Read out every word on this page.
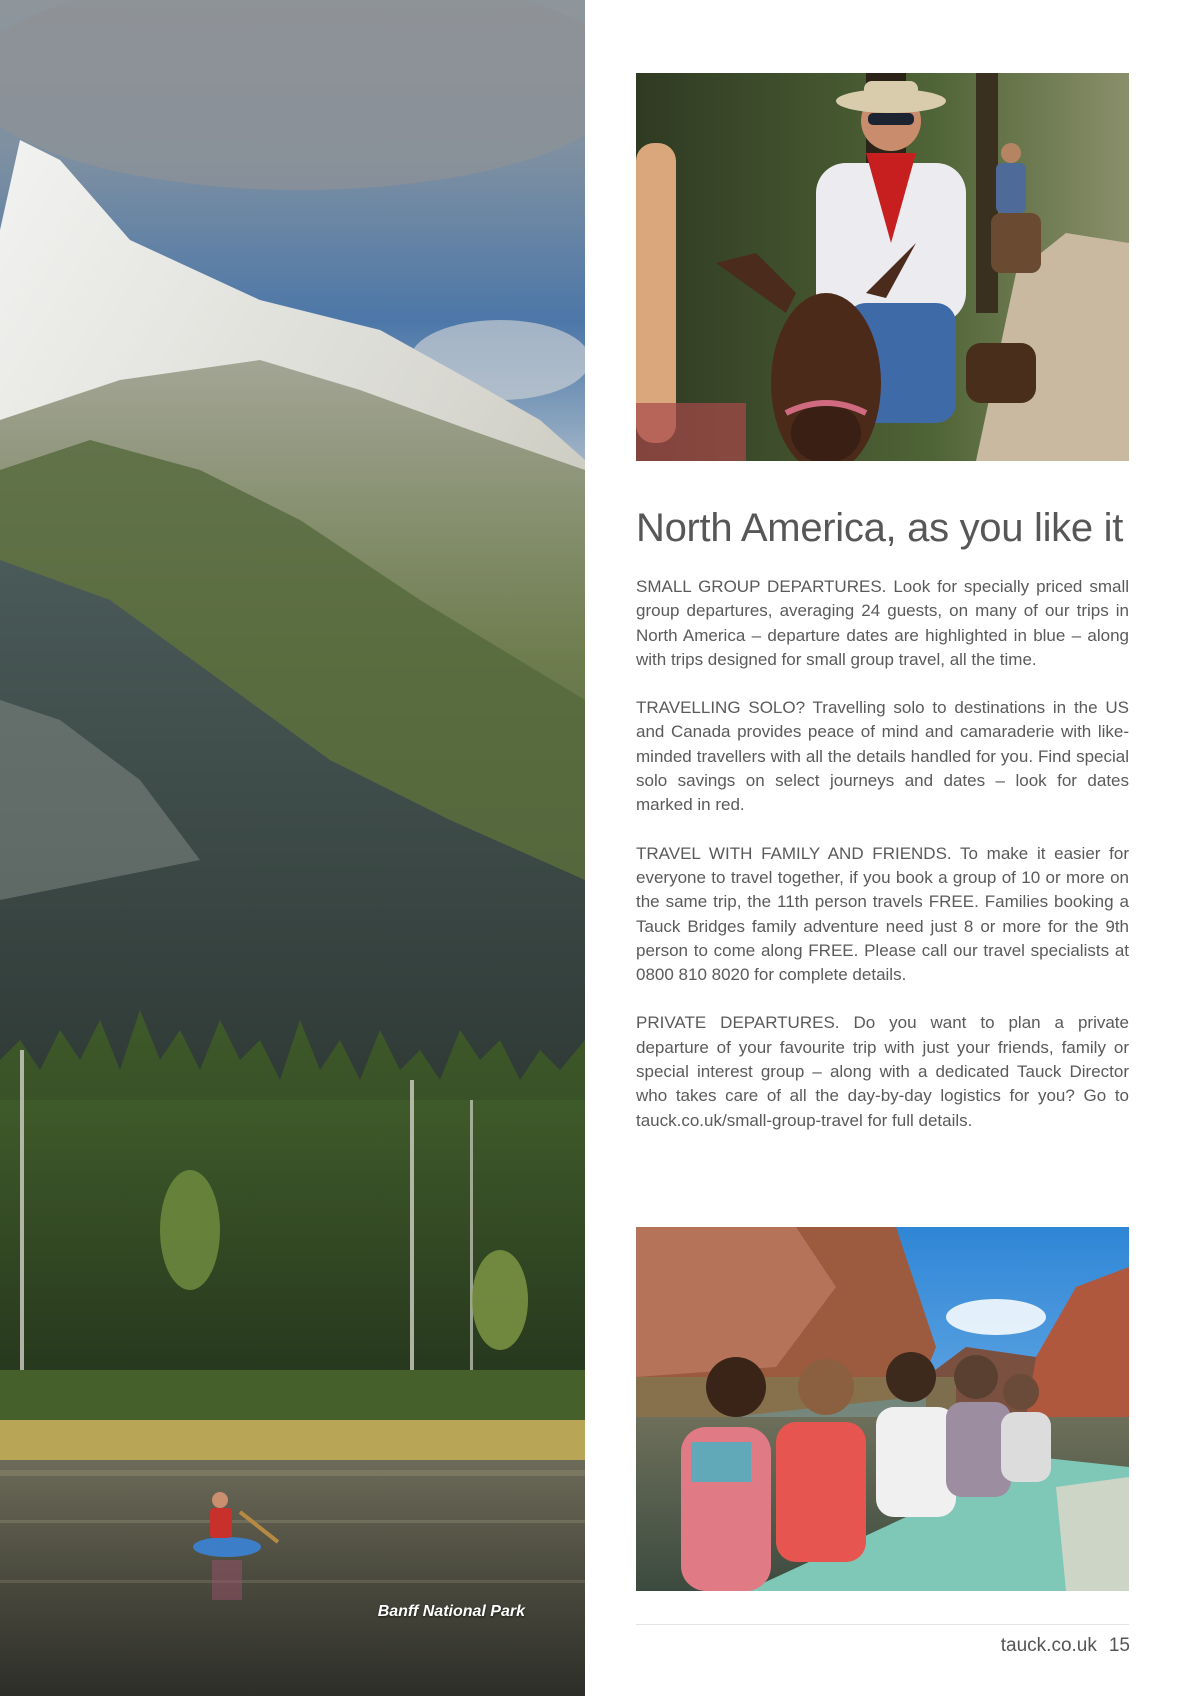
Banff National Park

North America, as you like it

SMALL GROUP DEPARTURES. Look for specially priced small group departures, averaging 24 guests, on many of our trips in North America – departure dates are highlighted in blue – along with trips designed for small group travel, all the time.

TRAVELLING SOLO? Travelling solo to destinations in the US and Canada provides peace of mind and camaraderie with like-minded travellers with all the details handled for you. Find special solo savings on select journeys and dates – look for dates marked in red.

TRAVEL WITH FAMILY AND FRIENDS. To make it easier for everyone to travel together, if you book a group of 10 or more on the same trip, the 11th person travels FREE. Families booking a Tauck Bridges family adventure need just 8 or more for the 9th person to come along FREE. Please call our travel specialists at 0800 810 8020 for complete details.

PRIVATE DEPARTURES. Do you want to plan a private departure of your favourite trip with just your friends, family or special interest group – along with a dedicated Tauck Director who takes care of all the day-by-day logistics for you? Go to tauck.co.uk/small-group-travel for full details.

tauck.co.uk 15
